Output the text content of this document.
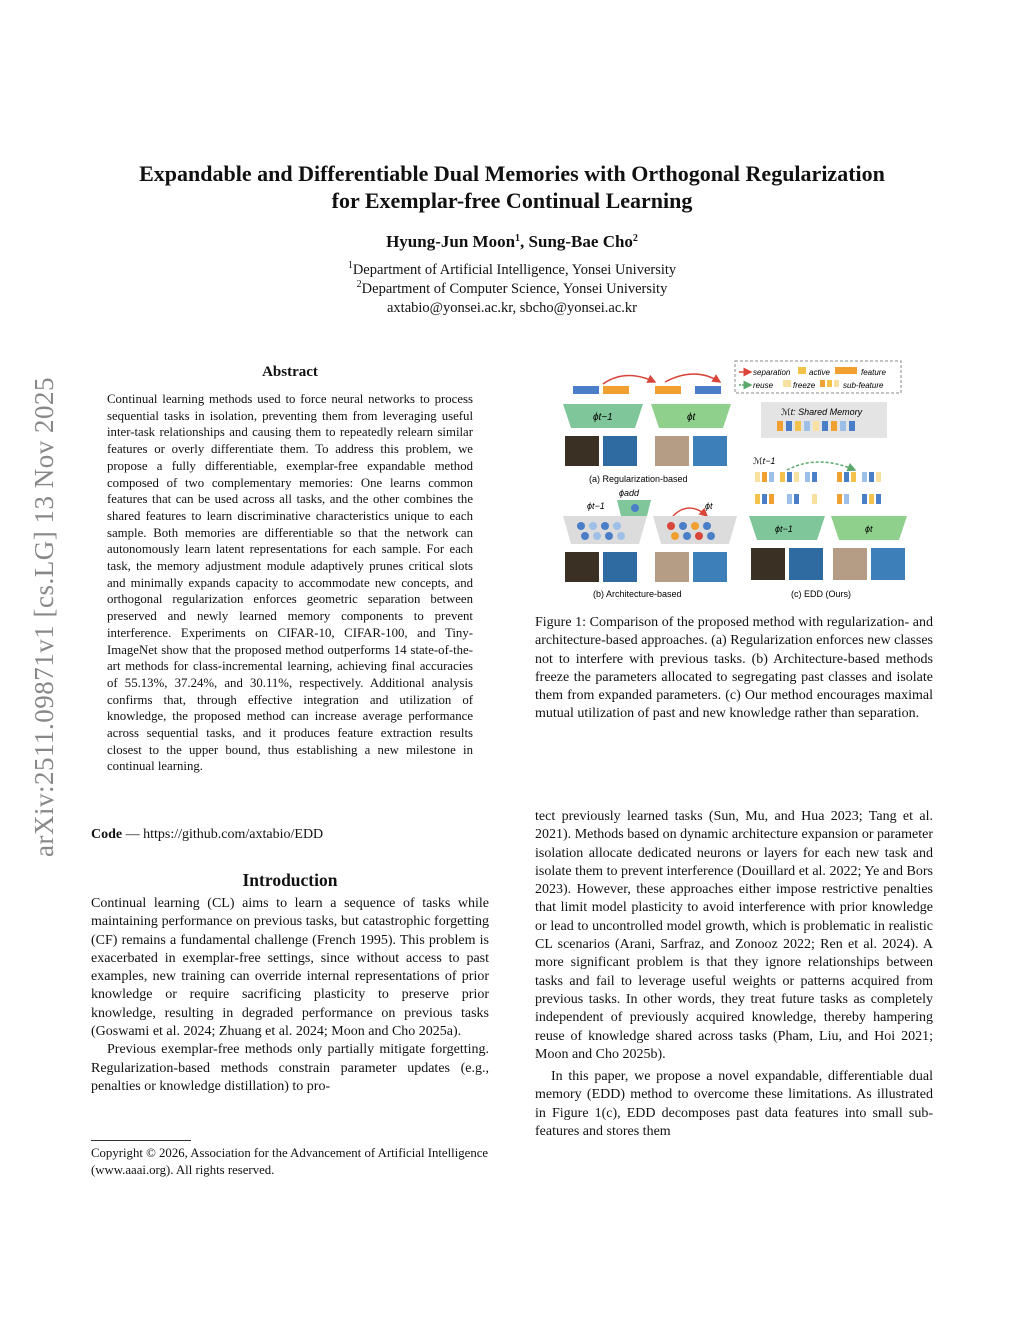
Expandable and Differentiable Dual Memories with Orthogonal Regularization
for Exemplar-free Continual Learning
Hyung-Jun Moon$^1$, Sung-Bae Cho$^2$
$^1$Department of Artificial Intelligence, Yonsei University
$^2$Department of Computer Science, Yonsei University
axtabio@yonsei.ac.kr, sbcho@yonsei.ac.kr
arXiv:2511.09871v1 [cs.LG] 13 Nov 2025
Abstract
Continual learning methods used to force neural networks to process sequential tasks in isolation, preventing them from leveraging useful inter-task relationships and causing them to repeatedly relearn similar features or overly differentiate them. To address this problem, we propose a fully differentiable, exemplar-free expandable method composed of two complementary memories: One learns common features that can be used across all tasks, and the other combines the shared features to learn discriminative characteristics unique to each sample. Both memories are differentiable so that the network can autonomously learn latent representations for each sample. For each task, the memory adjustment module adaptively prunes critical slots and minimally expands capacity to accommodate new concepts, and orthogonal regularization enforces geometric separation between preserved and newly learned memory components to prevent interference. Experiments on CIFAR-10, CIFAR-100, and Tiny-ImageNet show that the proposed method outperforms 14 state-of-the-art methods for class-incremental learning, achieving final accuracies of 55.13%, 37.24%, and 30.11%, respectively. Additional analysis confirms that, through effective integration and utilization of knowledge, the proposed method can increase average performance across sequential tasks, and it produces feature extraction results closest to the upper bound, thus establishing a new milestone in continual learning.
Code — https://github.com/axtabio/EDD
Introduction

Continual learning (CL) aims to learn a sequence of tasks while maintaining performance on previous tasks, but catastrophic forgetting (CF) remains a fundamental challenge (French 1995). This problem is exacerbated in exemplar-free settings, since without access to past examples, new training can override internal representations of prior knowledge or require sacrificing plasticity to preserve prior knowledge, resulting in degraded performance on previous tasks (Goswami et al. 2024; Zhuang et al. 2024; Moon and Cho 2025a).

Previous exemplar-free methods only partially mitigate forgetting. Regularization-based methods constrain parameter updates (e.g., penalties or knowledge distillation) to pro-

Copyright © 2026, Association for the Advancement of Artificial Intelligence (www.aaai.org). All rights reserved.
separation
reuse
active
freeze
feature
sub-feature
ϕt−1	ϕt
(a) Regularization-based
ϕadd
ϕt−1	ϕt
(b) Architecture-based
ℳt: Shared Memory
ℳt−1
ϕt−1	ϕt
(c) EDD (Ours)
Figure 1: Comparison of the proposed method with regularization- and architecture-based approaches. (a) Regularization enforces new classes not to interfere with previous tasks. (b) Architecture-based methods freeze the parameters allocated to segregating past classes and isolate them from expanded parameters. (c) Our method encourages maximal mutual utilization of past and new knowledge rather than separation.

tect previously learned tasks (Sun, Mu, and Hua 2023; Tang et al. 2021). Methods based on dynamic architecture expansion or parameter isolation allocate dedicated neurons or layers for each new task and isolate them to prevent interference (Douillard et al. 2022; Ye and Bors 2023). However, these approaches either impose restrictive penalties that limit model plasticity to avoid interference with prior knowledge or lead to uncontrolled model growth, which is problematic in realistic CL scenarios (Arani, Sarfraz, and Zonooz 2022; Ren et al. 2024). A more significant problem is that they ignore relationships between tasks and fail to leverage useful weights or patterns acquired from previous tasks. In other words, they treat future tasks as completely independent of previously acquired knowledge, thereby hampering reuse of knowledge shared across tasks (Pham, Liu, and Hoi 2021; Moon and Cho 2025b).

In this paper, we propose a novel expandable, differentiable dual memory (EDD) method to overcome these limitations. As illustrated in Figure 1(c), EDD decomposes past data features into small sub-features and stores them
